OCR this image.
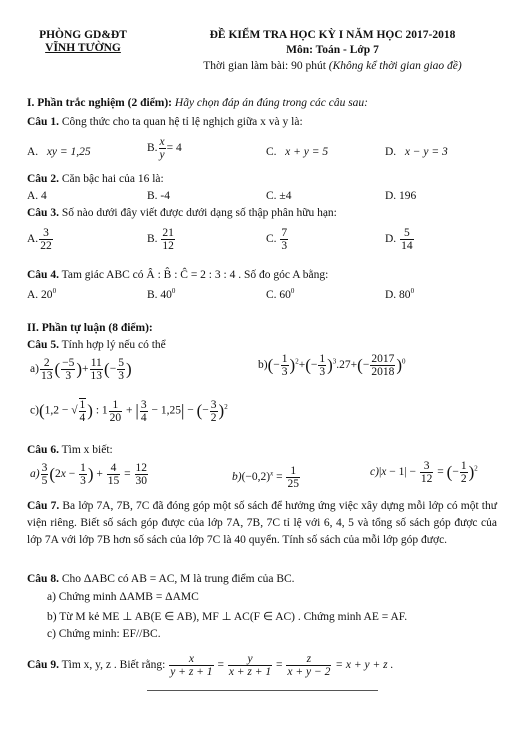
PHÒNG GD&ĐT
VĨNH TƯỜNG
ĐỀ KIỂM TRA HỌC KỲ I NĂM HỌC 2017-2018
Môn: Toán - Lớp 7
Thời gian làm bài: 90 phút (Không kể thời gian giao đề)
I. Phần trắc nghiệm (2 điểm): Hãy chọn đáp án đúng trong các câu sau:
Câu 1. Công thức cho ta quan hệ tỉ lệ nghịch giữa x và y là:
A. xy = 1,25	B. $\frac{x}{y} = 4$	C. x + y = 5	D. x − y = 3
Câu 2. Căn bậc hai của 16 là:
A. 4	B. -4	C. ±4	D. 196
Câu 3. Số nào dưới đây viết được dưới dạng số thập phân hữu hạn:
A. $\frac{3}{22}$	B. $\frac{21}{12}$	C. $\frac{7}{3}$	D. $\frac{5}{14}$
Câu 4. Tam giác ABC có Â : B̂ : Ĉ = 2 : 3 : 4 . Số đo góc A bằng:
A. $20^0$	B. $40^0$	C. $60^0$	D. $80^0$
II. Phần tự luận (8 điểm):
Câu 5. Tính hợp lý nếu có thể
$a) \frac{2}{13}$ ( $\frac{-5}{3}$ )+ $\frac{11}{13}$ (− $\frac{5}{3}$ )	$b)(- \frac{1}{3} )^2+(- \frac{1}{3} )^3.27+(- \frac{2017}{2018} )^0$
c)(1,2 − √ $\frac{1}{4}$ ) : $1 \frac{1}{20}$ + | $\frac{3}{4} - 1,25|$ − (− $\frac{3}{2} )^2$
Câu 6. Tìm x biết:
$a) \frac{3}{5} (2x - \frac{1}{3}$ ) + $\frac{4}{15} = \frac{12}{30}$	$b)(-0,2)^x = \frac{1}{25}$	$c)|x - 1| - \frac{3}{12}$ = (− $\frac{1}{2} )^2$
Câu 7. Ba lớp 7A, 7B, 7C đã đóng góp một số sách để hưởng ứng việc xây dựng mỗi lớp có một thư viện riêng. Biết số sách góp được của lớp 7A, 7B, 7C tỉ lệ với 6, 4, 5 và tổng số sách góp được của lớp 7A với lớp 7B hơn số sách của lớp 7C là 40 quyển. Tính số sách của mỗi lớp góp được.
Câu 8. Cho ΔABC có AB = AC, M là trung điểm của BC.
a) Chứng minh ΔAMB = ΔAMC
b) Từ M kẻ ME ⊥ AB(E ∈ AB), MF ⊥ AC(F ∈ AC) . Chứng minh AE = AF.
c) Chứng minh: EF//BC.
Câu 9. Tìm x, y, z . Biết rằng: $\frac{x}{y + z + 1} = \frac{y}{x + z + 1} = \frac{z}{x + y - 2} = x + y + z$ .
